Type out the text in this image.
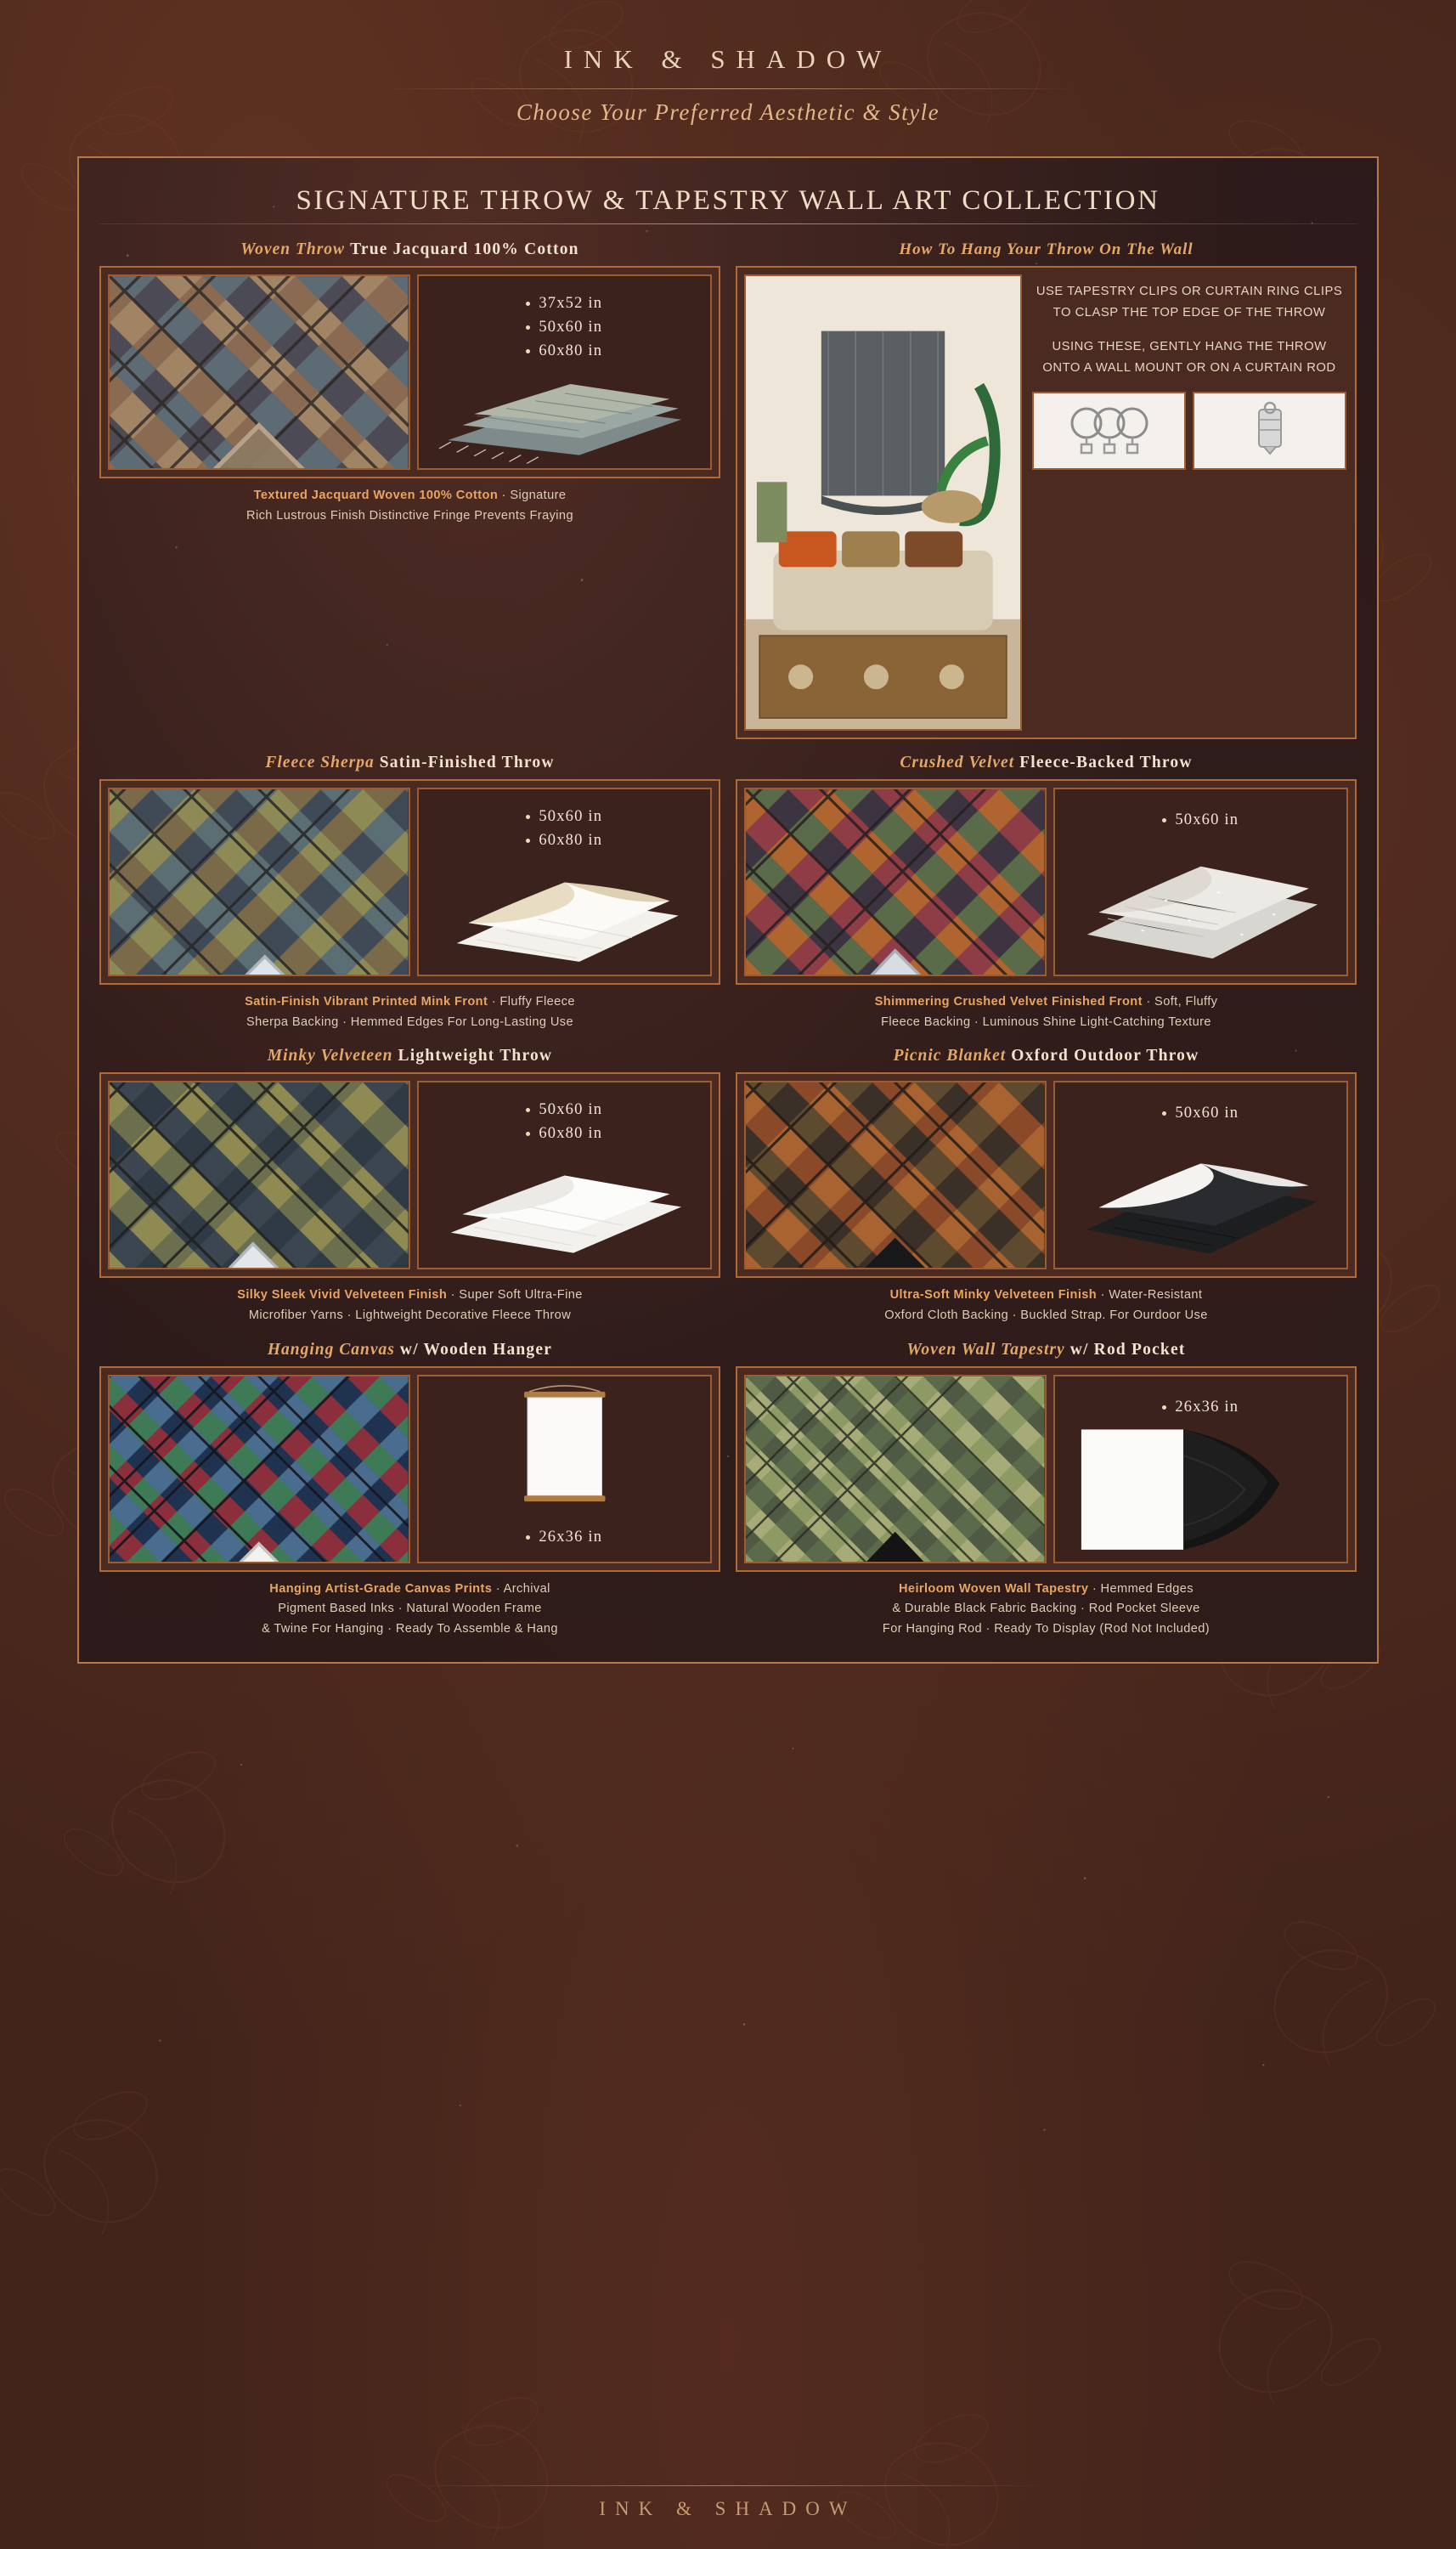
INK & SHADOW
Choose Your Preferred Aesthetic & Style
SIGNATURE THROW & TAPESTRY WALL ART COLLECTION
Woven Throw True Jacquard 100% Cotton
37x52 in
50x60 in
60x80 in
Textured Jacquard Woven 100% Cotton · Signature
Rich Lustrous Finish Distinctive Fringe Prevents Fraying
How To Hang Your Throw On The Wall

USE TAPESTRY CLIPS OR CURTAIN RING CLIPS TO CLASP THE TOP EDGE OF THE THROW

USING THESE, GENTLY HANG THE THROW ONTO A WALL MOUNT OR ON A CURTAIN ROD

Fleece Sherpa Satin-Finished Throw
50x60 in
60x80 in
Satin-Finish Vibrant Printed Mink Front · Fluffy Fleece
Sherpa Backing · Hemmed Edges For Long-Lasting Use
Crushed Velvet Fleece-Backed Throw
50x60 in
Shimmering Crushed Velvet Finished Front · Soft, Fluffy
Fleece Backing · Luminous Shine Light-Catching Texture
Minky Velveteen Lightweight Throw
50x60 in
60x80 in
Silky Sleek Vivid Velveteen Finish · Super Soft Ultra-Fine
Microfiber Yarns · Lightweight Decorative Fleece Throw
Picnic Blanket Oxford Outdoor Throw
50x60 in
Ultra-Soft Minky Velveteen Finish · Water-Resistant
Oxford Cloth Backing · Buckled Strap. For Ourdoor Use
Hanging Canvas w/ Wooden Hanger
26x36 in
Hanging Artist-Grade Canvas Prints · Archival
Pigment Based Inks · Natural Wooden Frame
& Twine For Hanging · Ready To Assemble & Hang
Woven Wall Tapestry w/ Rod Pocket
26x36 in
Heirloom Woven Wall Tapestry · Hemmed Edges
& Durable Black Fabric Backing · Rod Pocket Sleeve
For Hanging Rod · Ready To Display (Rod Not Included)
INK & SHADOW
